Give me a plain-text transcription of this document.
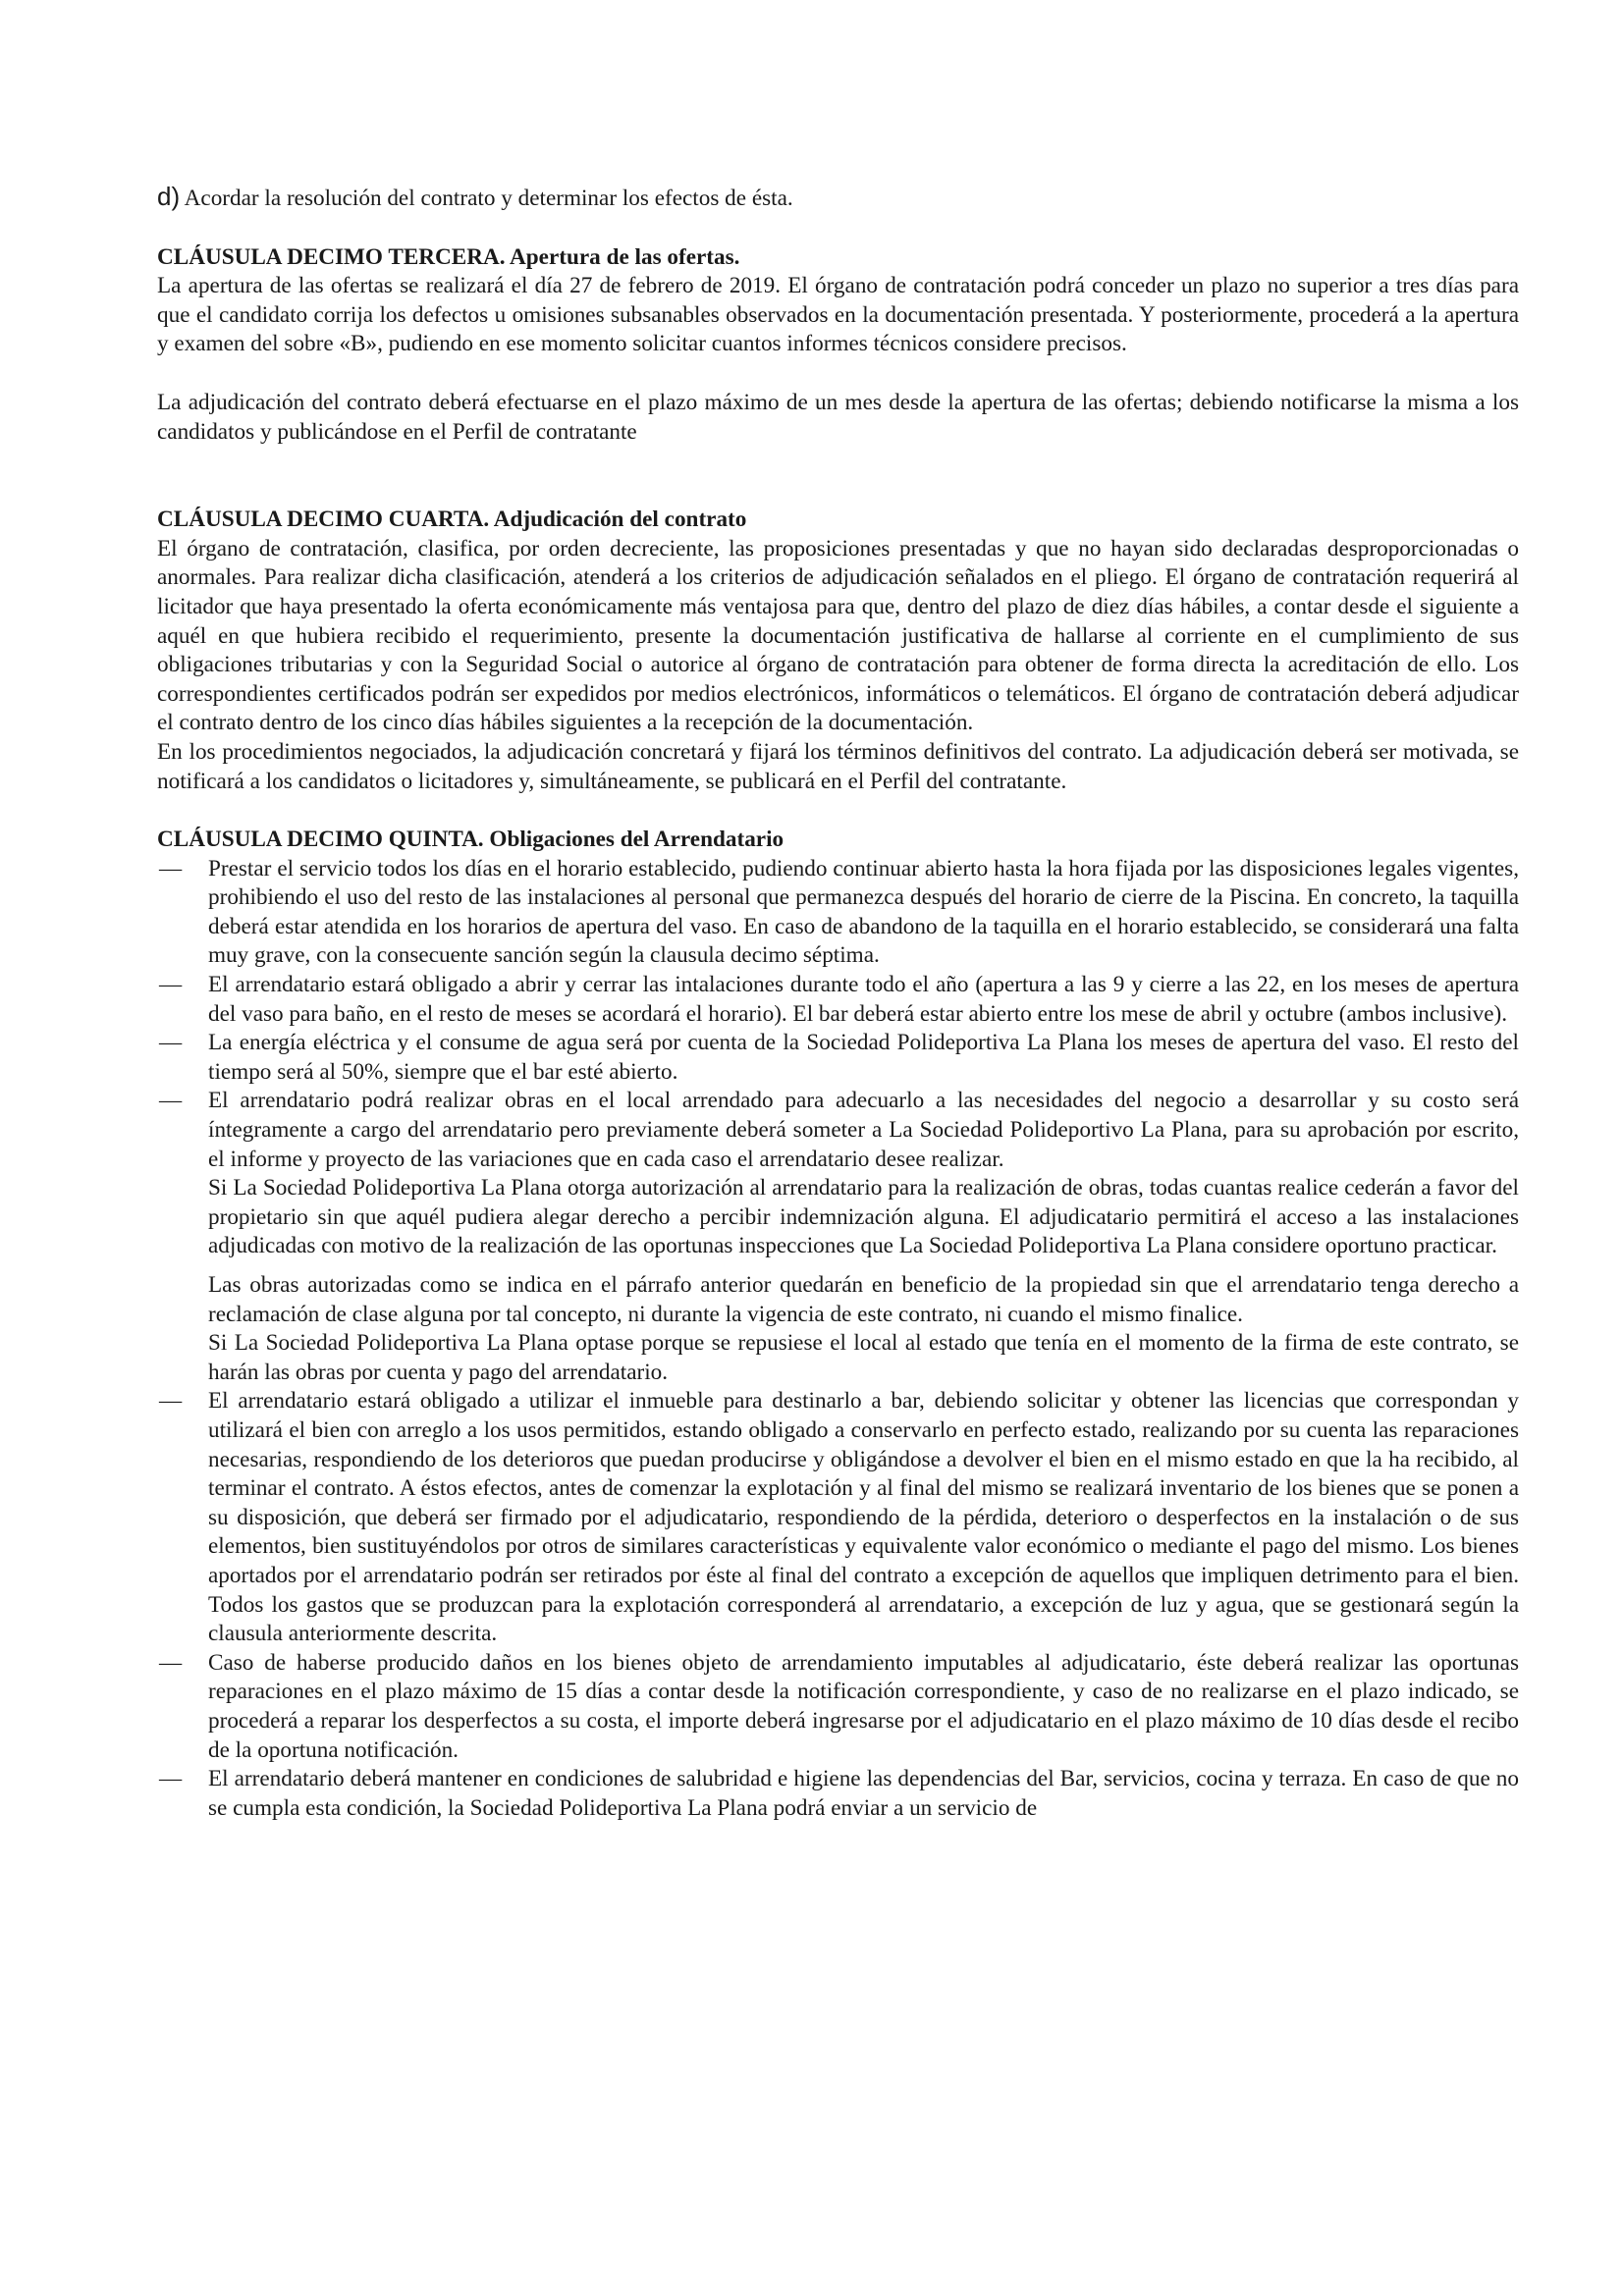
d) Acordar la resolución del contrato y determinar los efectos de ésta.

CLÁUSULA DECIMO TERCERA. Apertura de las ofertas.

La apertura de las ofertas se realizará el día 27 de febrero de 2019. El órgano de contratación podrá conceder un plazo no superior a tres días para que el candidato corrija los defectos u omisiones subsanables observados en la documentación presentada. Y posteriormente, procederá a la apertura y examen del sobre «B», pudiendo en ese momento solicitar cuantos informes técnicos considere precisos.

La adjudicación del contrato deberá efectuarse en el plazo máximo de un mes desde la apertura de las ofertas; debiendo notificarse la misma a los candidatos y publicándose en el Perfil de contratante

CLÁUSULA DECIMO CUARTA. Adjudicación del contrato

El órgano de contratación, clasifica, por orden decreciente, las proposiciones presentadas y que no hayan sido declaradas desproporcionadas o anormales. Para realizar dicha clasificación, atenderá a los criterios de adjudicación señalados en el pliego. El órgano de contratación requerirá al licitador que haya presentado la oferta económicamente más ventajosa para que, dentro del plazo de diez días hábiles, a contar desde el siguiente a aquél en que hubiera recibido el requerimiento, presente la documentación justificativa de hallarse al corriente en el cumplimiento de sus obligaciones tributarias y con la Seguridad Social o autorice al órgano de contratación para obtener de forma directa la acreditación de ello. Los correspondientes certificados podrán ser expedidos por medios electrónicos, informáticos o telemáticos. El órgano de contratación deberá adjudicar el contrato dentro de los cinco días hábiles siguientes a la recepción de la documentación.

En los procedimientos negociados, la adjudicación concretará y fijará los términos definitivos del contrato. La adjudicación deberá ser motivada, se notificará a los candidatos o licitadores y, simultáneamente, se publicará en el Perfil del contratante.

CLÁUSULA DECIMO QUINTA. Obligaciones del Arrendatario

— Prestar el servicio todos los días en el horario establecido, pudiendo continuar abierto hasta la hora fijada por las disposiciones legales vigentes, prohibiendo el uso del resto de las instalaciones al personal que permanezca después del horario de cierre de la Piscina. En concreto, la taquilla deberá estar atendida en los horarios de apertura del vaso. En caso de abandono de la taquilla en el horario establecido, se considerará una falta muy grave, con la consecuente sanción según la clausula decimo séptima.

— El arrendatario estará obligado a abrir y cerrar las intalaciones durante todo el año (apertura a las 9 y cierre a las 22, en los meses de apertura del vaso para baño, en el resto de meses se acordará el horario). El bar deberá estar abierto entre los mese de abril y octubre (ambos inclusive).

— La energía eléctrica y el consume de agua será por cuenta de la Sociedad Polideportiva La Plana los meses de apertura del vaso. El resto del tiempo será al 50%, siempre que el bar esté abierto.

— El arrendatario podrá realizar obras en el local arrendado para adecuarlo a las necesidades del negocio a desarrollar y su costo será íntegramente a cargo del arrendatario pero previamente deberá someter a La Sociedad Polideportivo La Plana, para su aprobación por escrito, el informe y proyecto de las variaciones que en cada caso el arrendatario desee realizar.

Si La Sociedad Polideportiva La Plana otorga autorización al arrendatario para la realización de obras, todas cuantas realice cederán a favor del propietario sin que aquél pudiera alegar derecho a percibir indemnización alguna. El adjudicatario permitirá el acceso a las instalaciones adjudicadas con motivo de la realización de las oportunas inspecciones que La Sociedad Polideportiva La Plana considere oportuno practicar.

Las obras autorizadas como se indica en el párrafo anterior quedarán en beneficio de la propiedad sin que el arrendatario tenga derecho a reclamación de clase alguna por tal concepto, ni durante la vigencia de este contrato, ni cuando el mismo finalice.

Si La Sociedad Polideportiva La Plana optase porque se repusiese el local al estado que tenía en el momento de la firma de este contrato, se harán las obras por cuenta y pago del arrendatario.

— El arrendatario estará obligado a utilizar el inmueble para destinarlo a bar, debiendo solicitar y obtener las licencias que correspondan y utilizará el bien con arreglo a los usos permitidos, estando obligado a conservarlo en perfecto estado, realizando por su cuenta las reparaciones necesarias, respondiendo de los deterioros que puedan producirse y obligándose a devolver el bien en el mismo estado en que la ha recibido, al terminar el contrato. A éstos efectos, antes de comenzar la explotación y al final del mismo se realizará inventario de los bienes que se ponen a su disposición, que deberá ser firmado por el adjudicatario, respondiendo de la pérdida, deterioro o desperfectos en la instalación o de sus elementos, bien sustituyéndolos por otros de similares características y equivalente valor económico o mediante el pago del mismo. Los bienes aportados por el arrendatario podrán ser retirados por éste al final del contrato a excepción de aquellos que impliquen detrimento para el bien. Todos los gastos que se produzcan para la explotación corresponderá al arrendatario, a excepción de luz y agua, que se gestionará según la clausula anteriormente descrita.

— Caso de haberse producido daños en los bienes objeto de arrendamiento imputables al adjudicatario, éste deberá realizar las oportunas reparaciones en el plazo máximo de 15 días a contar desde la notificación correspondiente, y caso de no realizarse en el plazo indicado, se procederá a reparar los desperfectos a su costa, el importe deberá ingresarse por el adjudicatario en el plazo máximo de 10 días desde el recibo de la oportuna notificación.

— El arrendatario deberá mantener en condiciones de salubridad e higiene las dependencias del Bar, servicios, cocina y terraza. En caso de que no se cumpla esta condición, la Sociedad Polideportiva La Plana podrá enviar a un servicio de
